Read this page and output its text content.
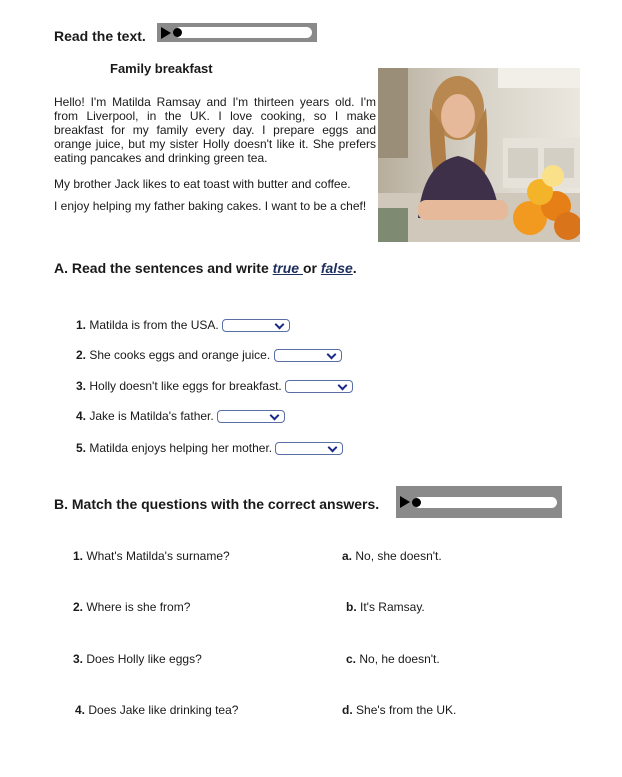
Read the text.
Family breakfast
Hello! I'm Matilda Ramsay and I'm thirteen years old. I'm from Liverpool, in the UK. I love cooking, so I make breakfast for my family every day. I prepare eggs and orange juice, but my sister Holly doesn't like it. She prefers eating pancakes and drinking green tea.
My brother Jack likes to eat toast with butter and coffee.
I enjoy helping my father baking cakes. I want to be a chef!
A. Read the sentences and write true or false.
1. Matilda is from the USA.
2. She cooks eggs and orange juice.
3. Holly doesn't like eggs for breakfast.
4. Jake is Matilda's father.
5. Matilda enjoys helping her mother.
B. Match the questions with the correct answers.
1. What's Matilda's surname?
2. Where is she from?
3. Does Holly like eggs?
4. Does Jake like drinking tea?
a. No, she doesn't.
b. It's Ramsay.
c. No, he doesn't.
d. She's from the UK.
